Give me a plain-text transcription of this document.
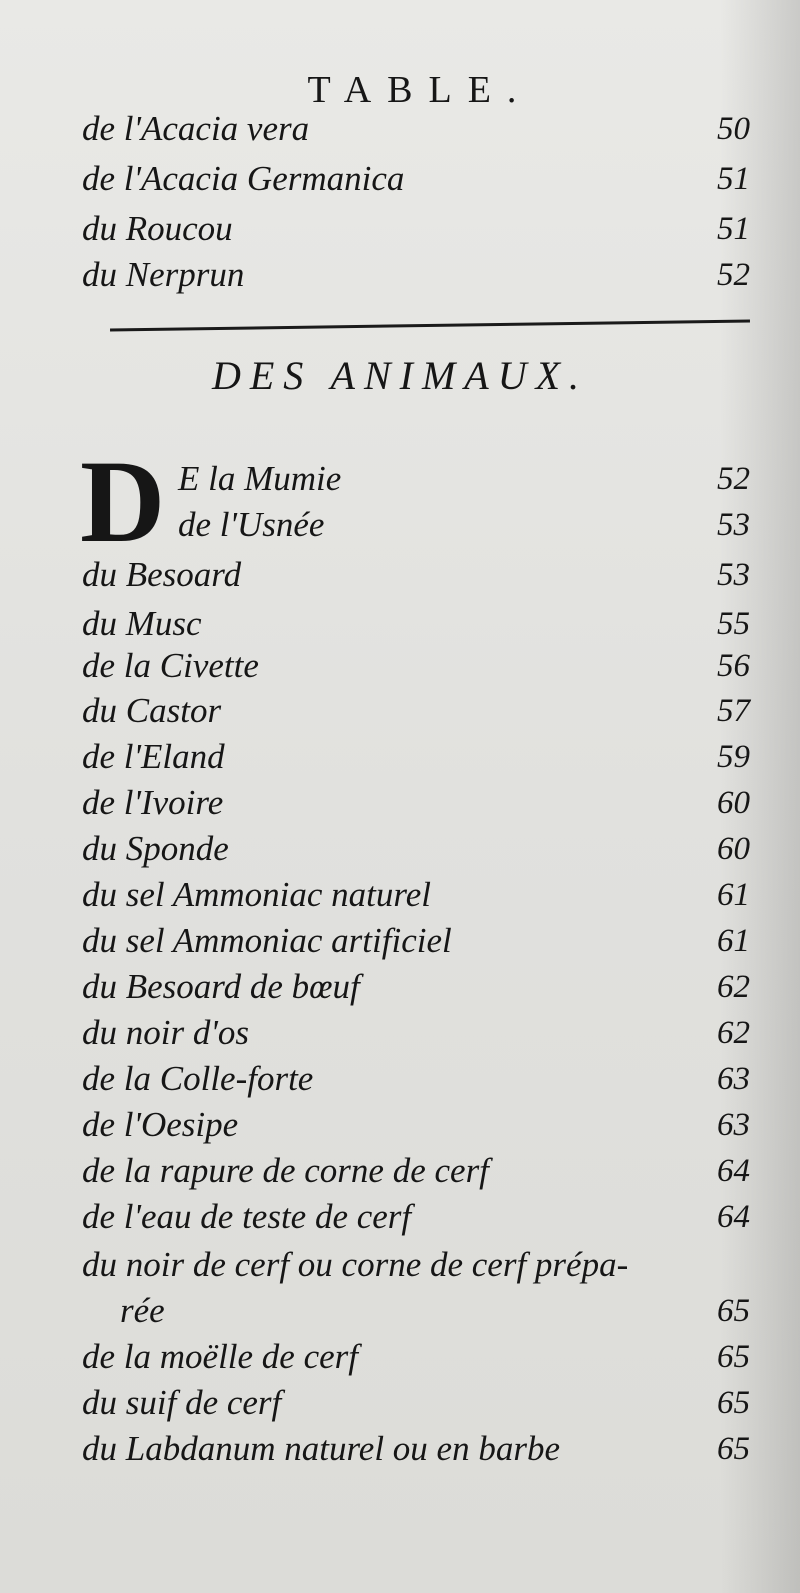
TABLE.
de l'Acacia vera	50
de l'Acacia Germanica	51
du Roucou	51
du Nerprun	52
DES ANIMAUX.
D E la Mumie	52
de l'Usnée	53
du Besoard	53
du Musc	55
de la Civette	56
du Castor	57
de l'Eland	59
de l'Ivoire	60
du Sponde	60
du sel Ammoniac naturel	61
du sel Ammoniac artificiel	61
du Besoard de bœuf	62
du noir d'os	62
de la Colle-forte	63
de l'Oesipe	63
de la rapure de corne de cerf	64
de l'eau de teste de cerf	64
du noir de cerf ou corne de cerf prépa-
rée	65
de la moëlle de cerf	65
du suif de cerf	65
du Labdanum naturel ou en barbe	65
